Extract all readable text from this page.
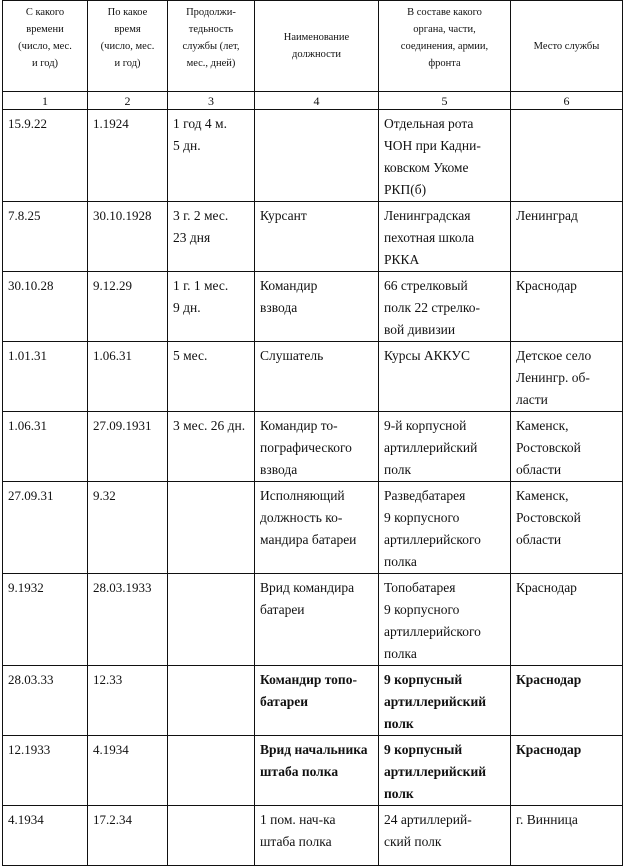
С какого
времени
(число, мес.
и год)	По какое
время
(число, мес.
и год)	Продолжи-
тедьность
службы (лет,
мес., дней)	Наименование
должности	В составе какого
органа, части,
соединения, армии,
фронта	Место службы
1	2	3	4	5	6
15.9.22	1.1924	1 год 4 м.
5 дн.		Отдельная рота
ЧОН при Кадни-
ковском Укоме
РКП(б)	
7.8.25	30.10.1928	3 г. 2 мес.
23 дня	Курсант	Ленинградская
пехотная школа
РККА	Ленинград
30.10.28	9.12.29	1 г. 1 мес.
9 дн.	Командир
взвода	66 стрелковый
полк 22 стрелко-
вой дивизии	Краснодар
1.01.31	1.06.31	5 мес.	Слушатель	Курсы АККУС	Детское село
Ленингр. об-
ласти
1.06.31	27.09.1931	3 мес. 26 дн.	Командир то-
пографического
взвода	9-й корпусной
артиллерийский
полк	Каменск,
Ростовской
области
27.09.31	9.32		Исполняющий
должность ко-
мандира батареи	Разведбатарея
9 корпусного
артиллерийского
полка	Каменск,
Ростовской
области
9.1932	28.03.1933		Врид командира
батареи	Топобатарея
9 корпусного
артиллерийского
полка	Краснодар
28.03.33	12.33		Командир топо-
батареи	9 корпусный
артиллерийский
полк	Краснодар
12.1933	4.1934		Врид начальника
штаба полка	9 корпусный
артиллерийский
полк	Краснодар
4.1934	17.2.34		1 пом. нач-ка
штаба полка	24 артиллерий-
ский полк	г. Винница
